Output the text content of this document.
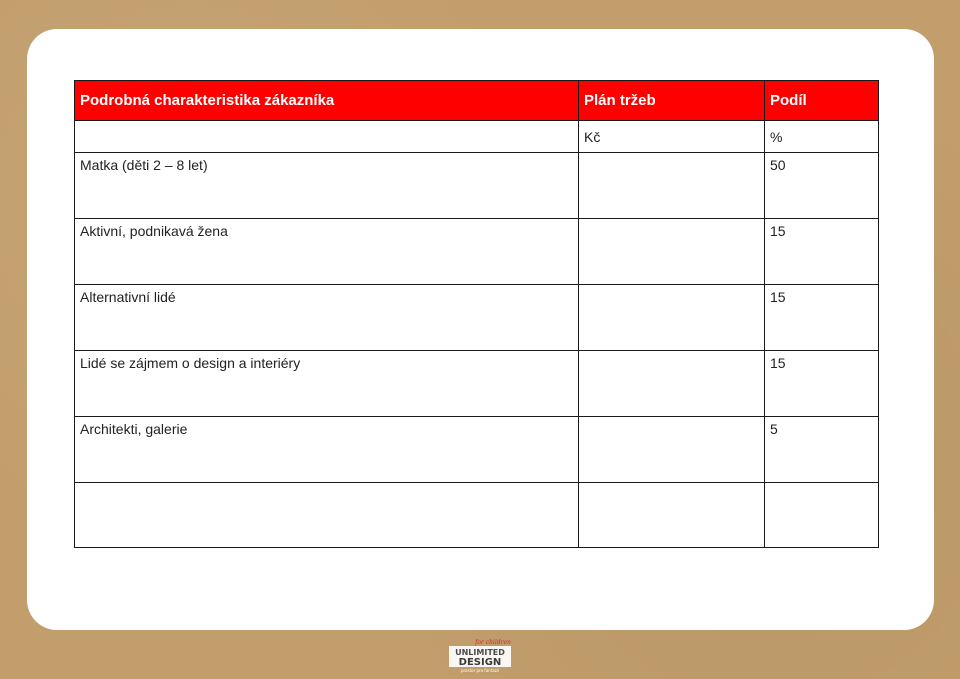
Podrobná charakteristika zákazníka	Plán tržeb	Podíl
	Kč	%
Matka (děti 2 – 8 let)		50
Aktivní, podnikavá žena		15
Alternativní lidé		15
Lidé se zájmem o design a interiéry		15
Architekti, galerie		5

for children
UNLIMITED
DESIGN
prostor pro fantazii
